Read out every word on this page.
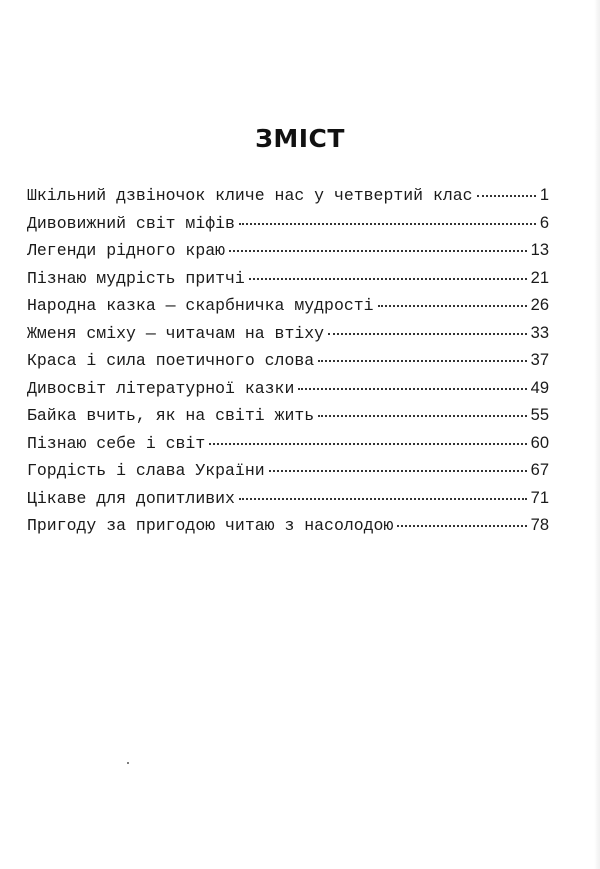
ЗМІСТ
Шкільний дзвіночок кличе нас у четвертий клас	1
Дивовижний світ міфів	6
Легенди рідного краю	13
Пізнаю мудрість притчі	21
Народна казка — скарбничка мудрості	26
Жменя сміху — читачам на втіху	33
Краса і сила поетичного слова	37
Дивосвіт літературної казки	49
Байка вчить, як на світі жить	55
Пізнаю себе і світ	60
Гордість і слава України	67
Цікаве для допитливих	71
Пригоду за пригодою читаю з насолодою	78
